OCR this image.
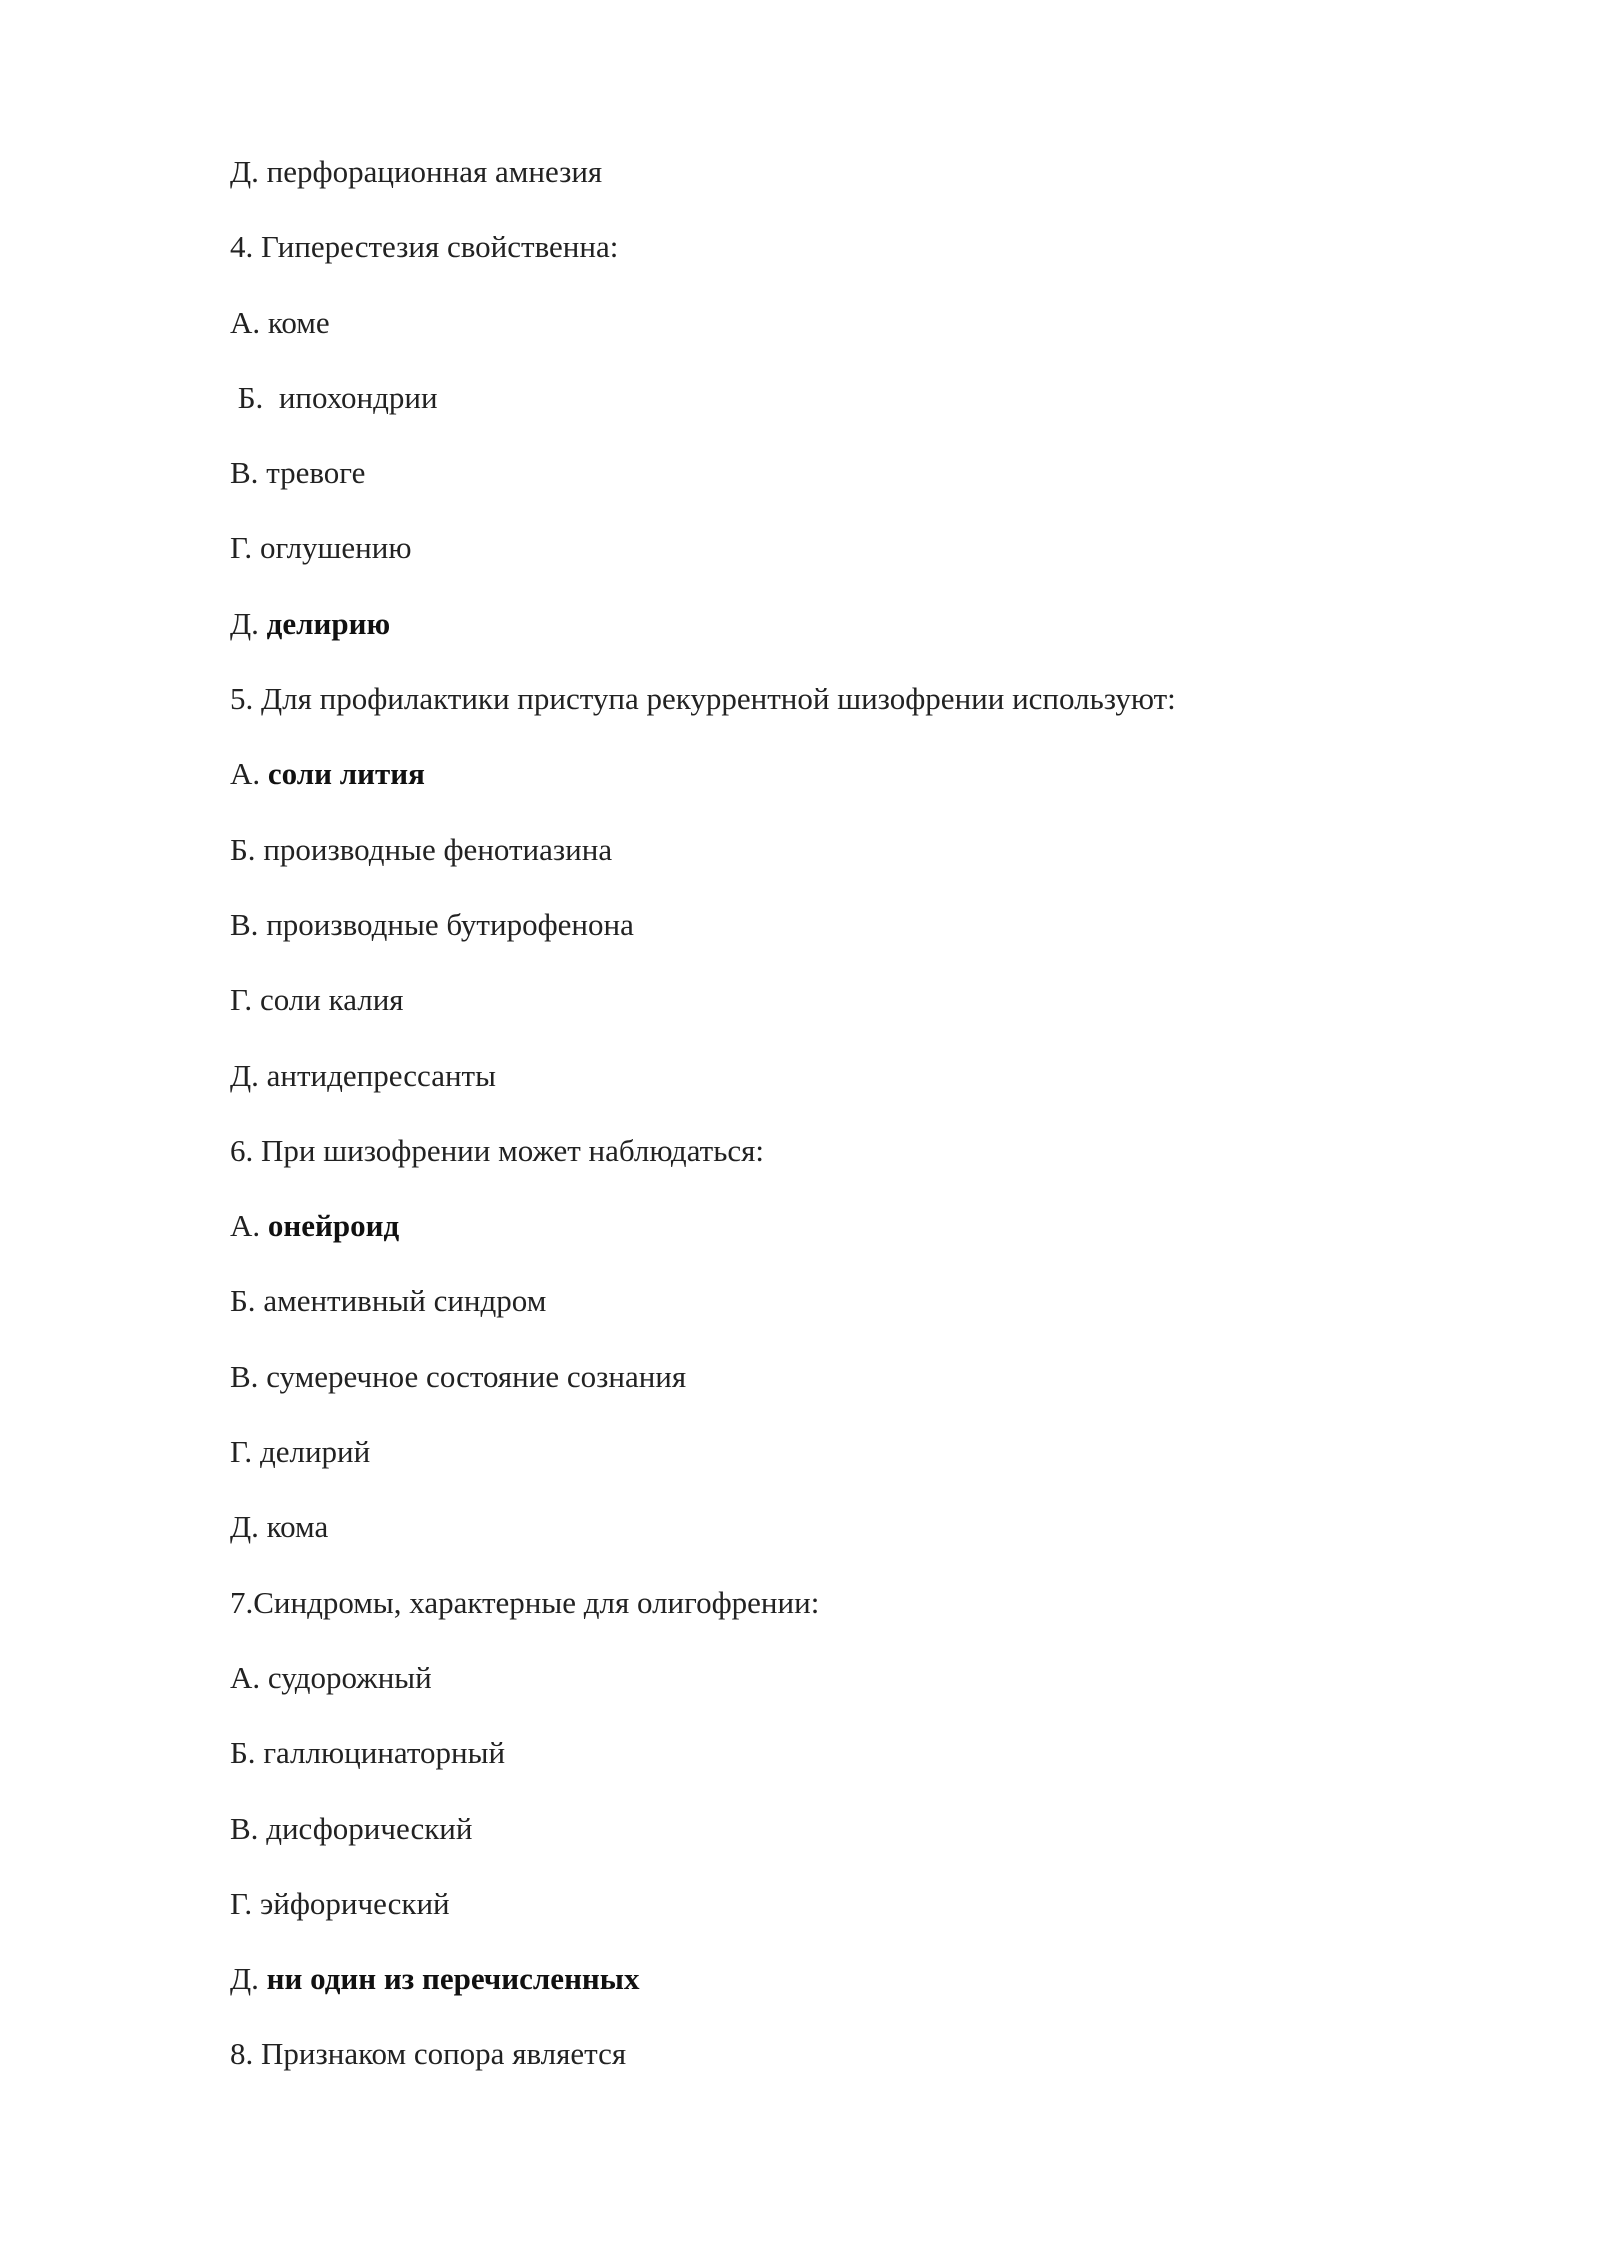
Д. перфорационная амнезия
4. Гиперестезия свойственна:
А. коме
Б.  ипохондрии
В. тревоге
Г. оглушению
Д. делирию
5. Для профилактики приступа рекуррентной шизофрении используют:
А. соли лития
Б. производные фенотиазина
В. производные бутирофенона
Г. соли калия
Д. антидепрессанты
6. При шизофрении может наблюдаться:
А. онейроид
Б. аментивный синдром
В. сумеречное состояние сознания
Г. делирий
Д. кома
7.Синдромы, характерные для олигофрении:
А. судорожный
Б. галлюцинаторный
В. дисфорический
Г. эйфорический
Д. ни один из перечисленных
8. Признаком сопора является
